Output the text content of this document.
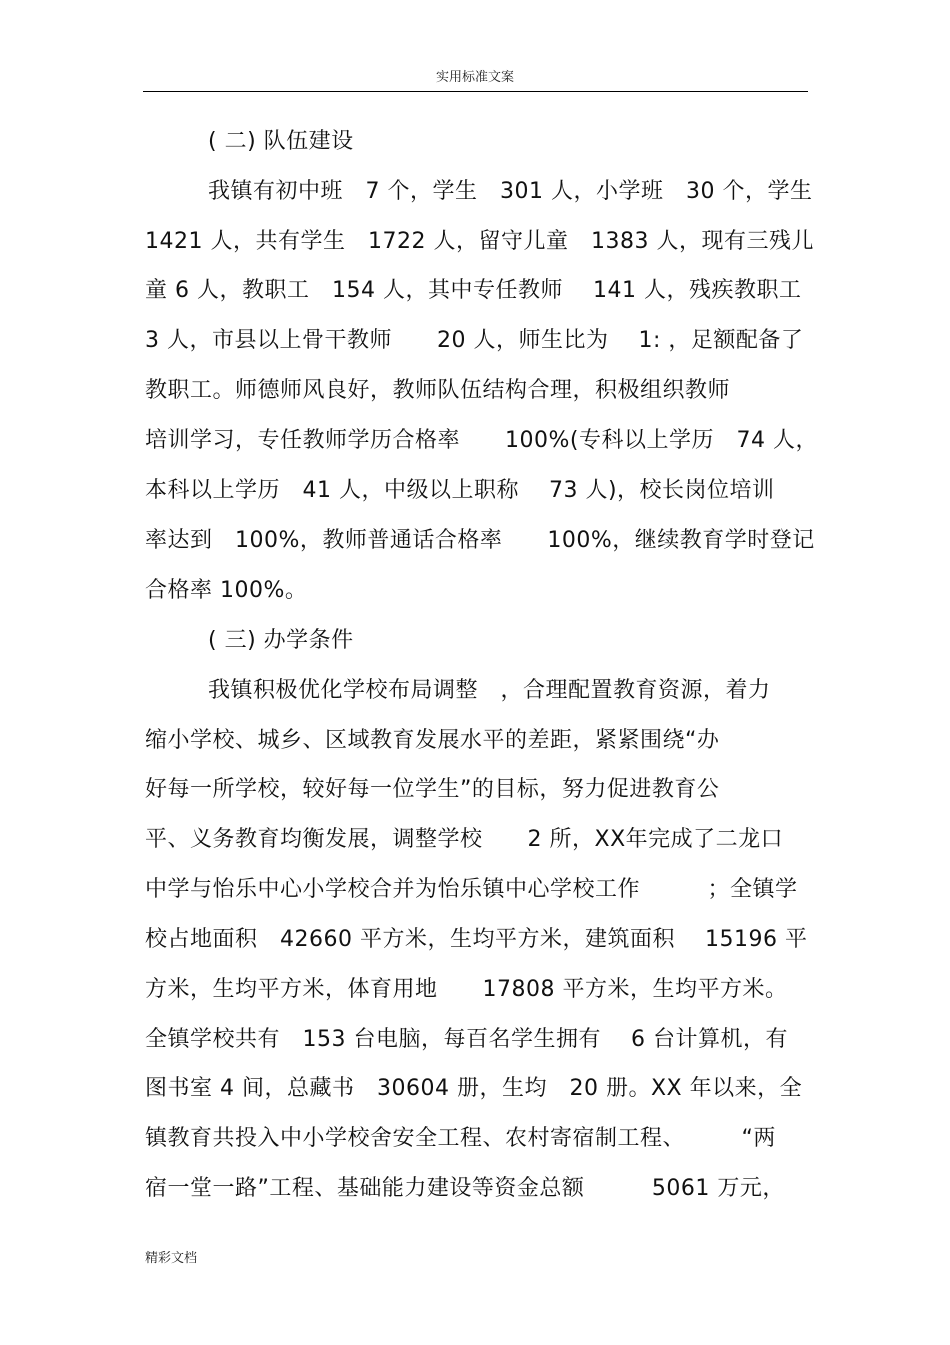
实用标准文案
( 二) 队伍建设
我镇有初中班　7 个，学生　301 人，小学班　30 个，学生
1421 人，共有学生　1722 人，留守儿童　1383 人，现有三残儿
童 6 人，教职工　154 人，其中专任教师　 141 人，残疾教职工
3 人，市县以上骨干教师　　20 人，师生比为　 1: ，足额配备了
教职工。师德师风良好，教师队伍结构合理，积极组织教师
培训学习，专任教师学历合格率　　100%(专科以上学历　74 人，
本科以上学历　41 人，中级以上职称　 73 人)，校长岗位培训
率达到　100%，教师普通话合格率　　100%，继续教育学时登记
合格率 100%。
( 三) 办学条件
我镇积极优化学校布局调整　，合理配置教育资源，着力
缩小学校、城乡、区域教育发展水平的差距，紧紧围绕“办
好每一所学校，较好每一位学生”的目标，努力促进教育公
平、义务教育均衡发展，调整学校　　2 所，XX年完成了二龙口
中学与怡乐中心小学校合并为怡乐镇中心学校工作　　　；全镇学
校占地面积　42660 平方米，生均平方米，建筑面积　 15196 平
方米，生均平方米，体育用地　　17808 平方米，生均平方米。
全镇学校共有　153 台电脑，每百名学生拥有　 6 台计算机，有
图书室 4 间，总藏书　30604 册，生均　20 册。XX 年以来，全
镇教育共投入中小学校舍安全工程、农村寄宿制工程、　　　“两
宿一堂一路”工程、基础能力建设等资金总额　　　5061 万元，
精彩文档
